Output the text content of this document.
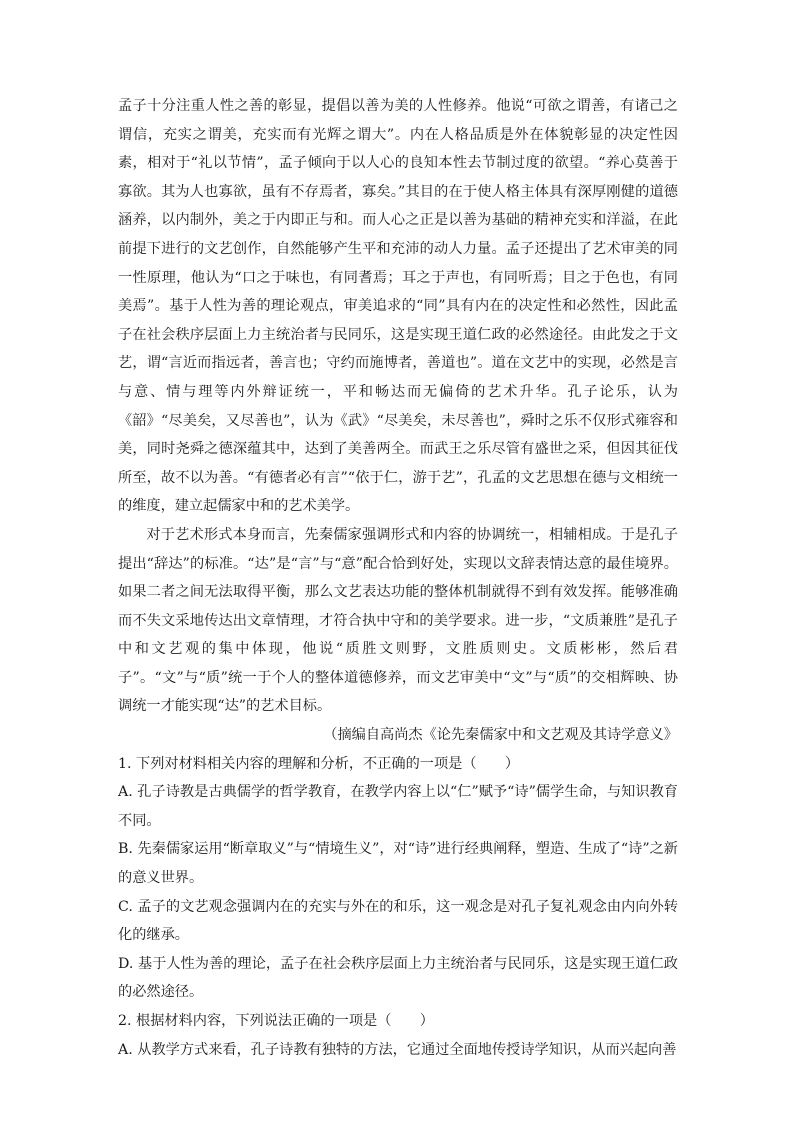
孟子十分注重人性之善的彰显，提倡以善为美的人性修养。他说“可欲之谓善，有诸己之谓信，充实之谓美，充实而有光辉之谓大”。内在人格品质是外在体貌彰显的决定性因素，相对于“礼以节情”，孟子倾向于以人心的良知本性去节制过度的欲望。“养心莫善于寡欲。其为人也寡欲，虽有不存焉者，寡矣。”其目的在于使人格主体具有深厚刚健的道德涵养，以内制外，美之于内即正与和。而人心之正是以善为基础的精神充实和洋溢，在此前提下进行的文艺创作，自然能够产生平和充沛的动人力量。孟子还提出了艺术审美的同一性原理，他认为“口之于味也，有同耆焉；耳之于声也，有同听焉；目之于色也，有同美焉”。基于人性为善的理论观点，审美追求的“同”具有内在的决定性和必然性，因此孟子在社会秩序层面上力主统治者与民同乐，这是实现王道仁政的必然途径。由此发之于文艺，谓“言近而指远者，善言也；守约而施博者，善道也”。道在文艺中的实现，必然是言与意、情与理等内外辩证统一，平和畅达而无偏倚的艺术升华。孔子论乐，认为《韶》“尽美矣，又尽善也”，认为《武》“尽美矣，未尽善也”，舜时之乐不仅形式雍容和美，同时尧舜之德深蕴其中，达到了美善两全。而武王之乐尽管有盛世之采，但因其征伐所至，故不以为善。“有德者必有言”“依于仁，游于艺”，孔孟的文艺思想在德与文相统一的维度，建立起儒家中和的艺术美学。

对于艺术形式本身而言，先秦儒家强调形式和内容的协调统一，相辅相成。于是孔子提出“辞达”的标准。“达”是“言”与“意”配合恰到好处，实现以文辞表情达意的最佳境界。如果二者之间无法取得平衡，那么文艺表达功能的整体机制就得不到有效发挥。能够准确而不失文采地传达出文章情理，才符合执中守和的美学要求。进一步，“文质兼胜”是孔子中和文艺观的集中体现，他说“质胜文则野，文胜质则史。文质彬彬，然后君子”。“文”与“质”统一于个人的整体道德修养，而文艺审美中“文”与“质”的交相辉映、协调统一才能实现“达”的艺术目标。

（摘编自高尚杰《论先秦儒家中和文艺观及其诗学意义》

1. 下列对材料相关内容的理解和分析，不正确的一项是（　　）

A. 孔子诗教是古典儒学的哲学教育，在教学内容上以“仁”赋予“诗”儒学生命，与知识教育不同。

B. 先秦儒家运用“断章取义”与“情境生义”，对“诗”进行经典阐释，塑造、生成了“诗”之新的意义世界。

C. 孟子的文艺观念强调内在的充实与外在的和乐，这一观念是对孔子复礼观念由内向外转化的继承。

D. 基于人性为善的理论，孟子在社会秩序层面上力主统治者与民同乐，这是实现王道仁政的必然途径。

2. 根据材料内容，下列说法正确的一项是（　　）

A. 从教学方式来看，孔子诗教有独特的方法，它通过全面地传授诗学知识，从而兴起向善
